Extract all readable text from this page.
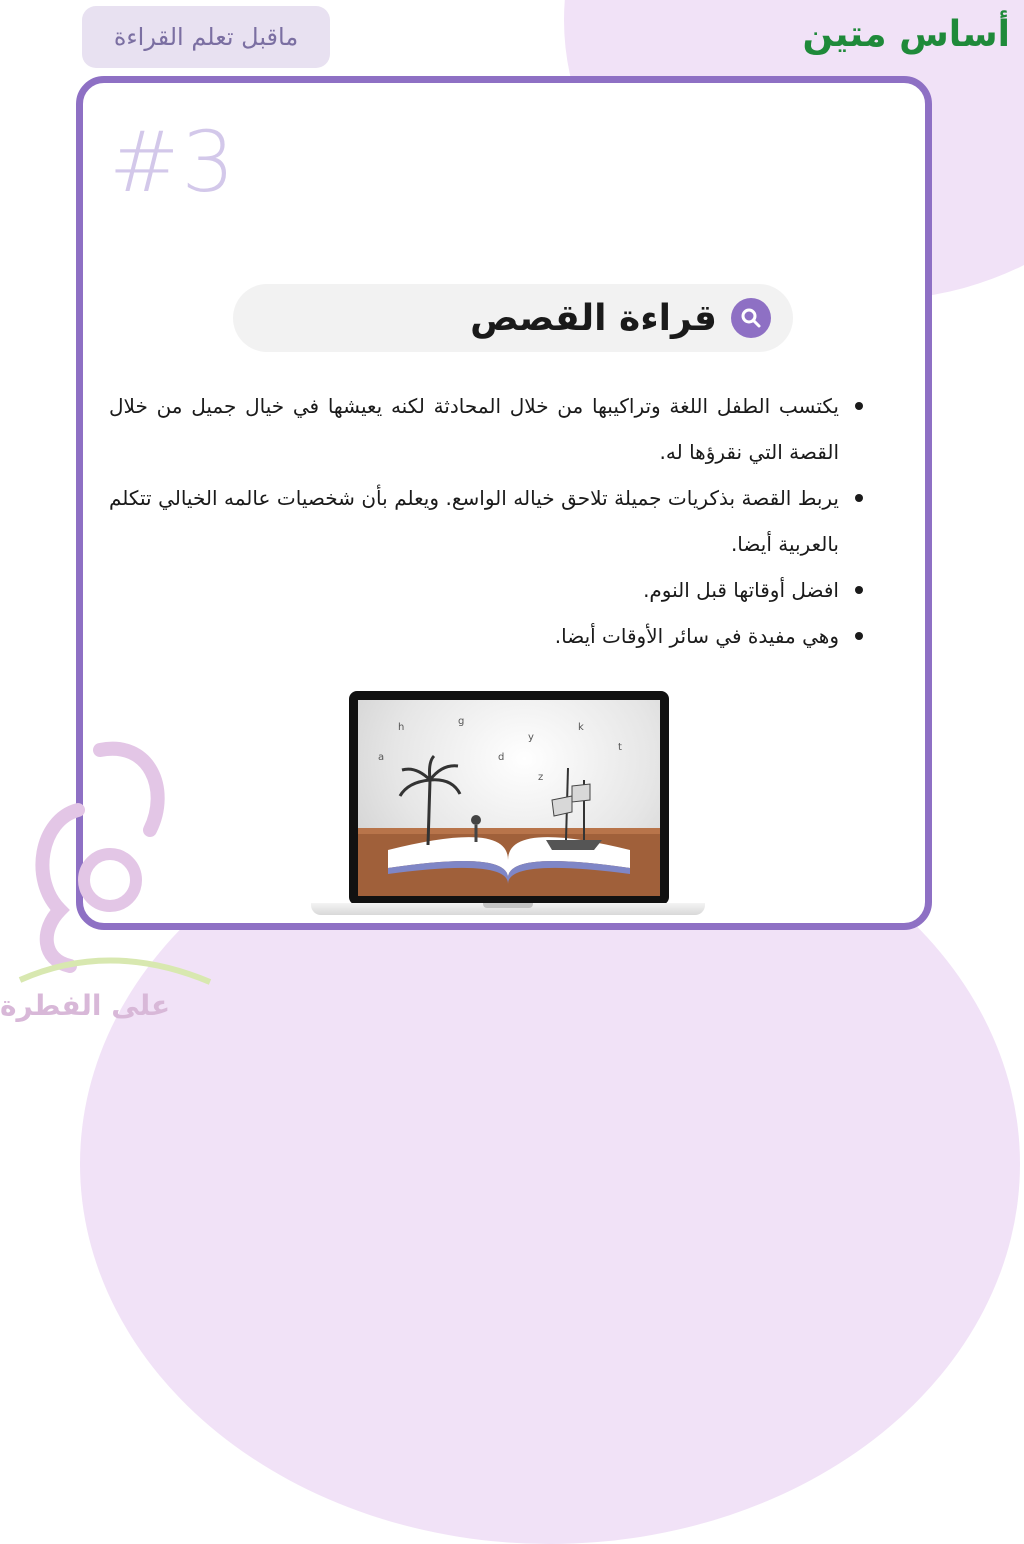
أساس متين
ماقبل تعلم القراءة
#3
قراءة القصص
يكتسب الطفل اللغة وتراكيبها من خلال المحادثة لكنه يعيشها في خيال جميل من خلال القصة التي نقرؤها له.
يربط القصة بذكريات جميلة تلاحق خياله الواسع. ويعلم بأن شخصيات عالمه الخيالي تتكلم بالعربية أيضا.
افضل أوقاتها قبل النوم.
وهي مفيدة في سائر الأوقات أيضا.
h
g
y
k
d
t
a
z
على الفطرة
